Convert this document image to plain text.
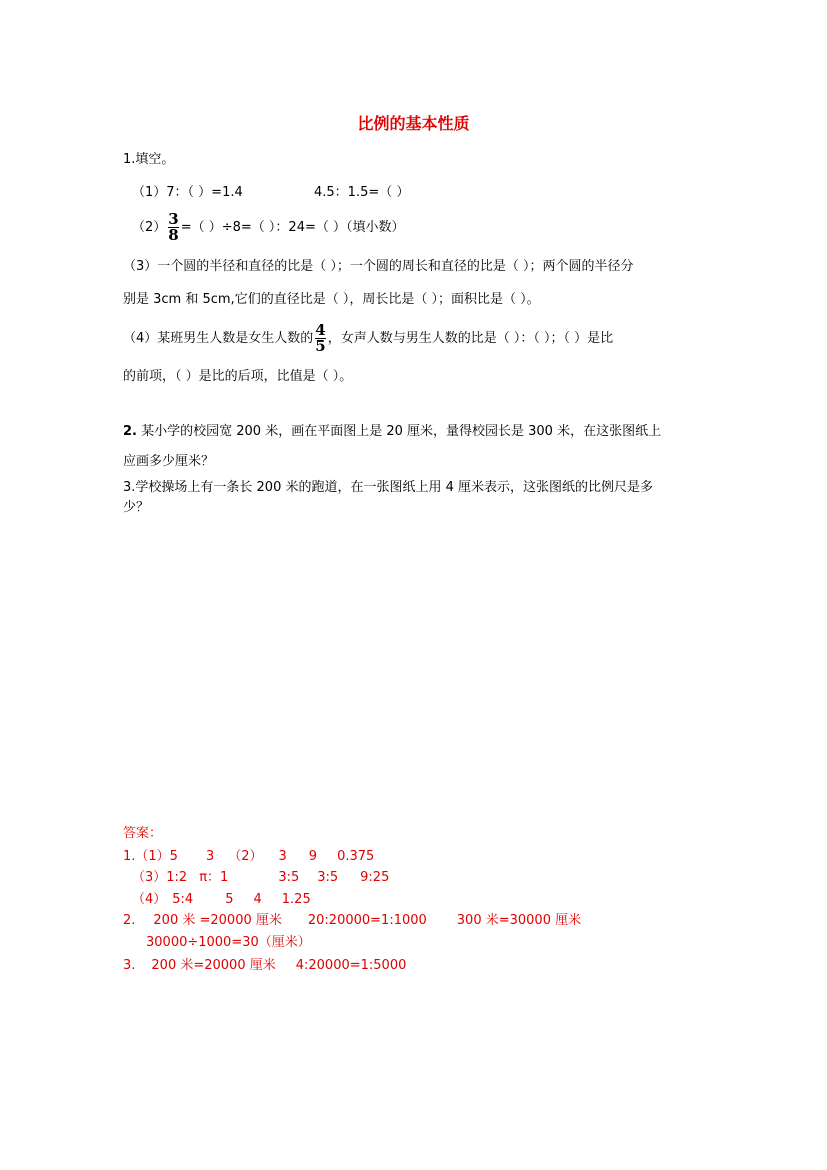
比例的基本性质
1.填空。
（1）7：（ ）=1.4	4.5：1.5=（ ）
$(2) \frac{3}{8}$ =（ ）÷8=（ ）：24=（ ）（填小数）
（3）一个圆的半径和直径的比是（ ）；一个圆的周长和直径的比是（ ）；两个圆的半径分
别是 3cm 和 5cm,它们的直径比是（ ），周长比是（ ）；面积比是（ ）。
（4）某班男生人数是女生人数的 $\frac{4}{5}$ ，女声人数与男生人数的比是（ ）：（ ）；（ ）是比
的前项，（ ）是比的后项，比值是（ ）。
2. 某小学的校园宽 200 米，画在平面图上是 20 厘米，量得校园长是 300 米，在这张图纸上
应画多少厘米？
3.学校操场上有一条长 200 米的跑道，在一张图纸上用 4 厘米表示，这张图纸的比例尺是多
少？
答案：
1.（1）5 3 （2） 3 9 0.375
（3）1:2 π：1	3:5 3:5 9:25
（4） 5:4 5 4 1.25
2. 200 米 =20000 厘米 20:20000=1:1000 300 米=30000 厘米
30000÷1000=30（厘米）
3. 200 米=20000 厘米 4:20000=1:5000
